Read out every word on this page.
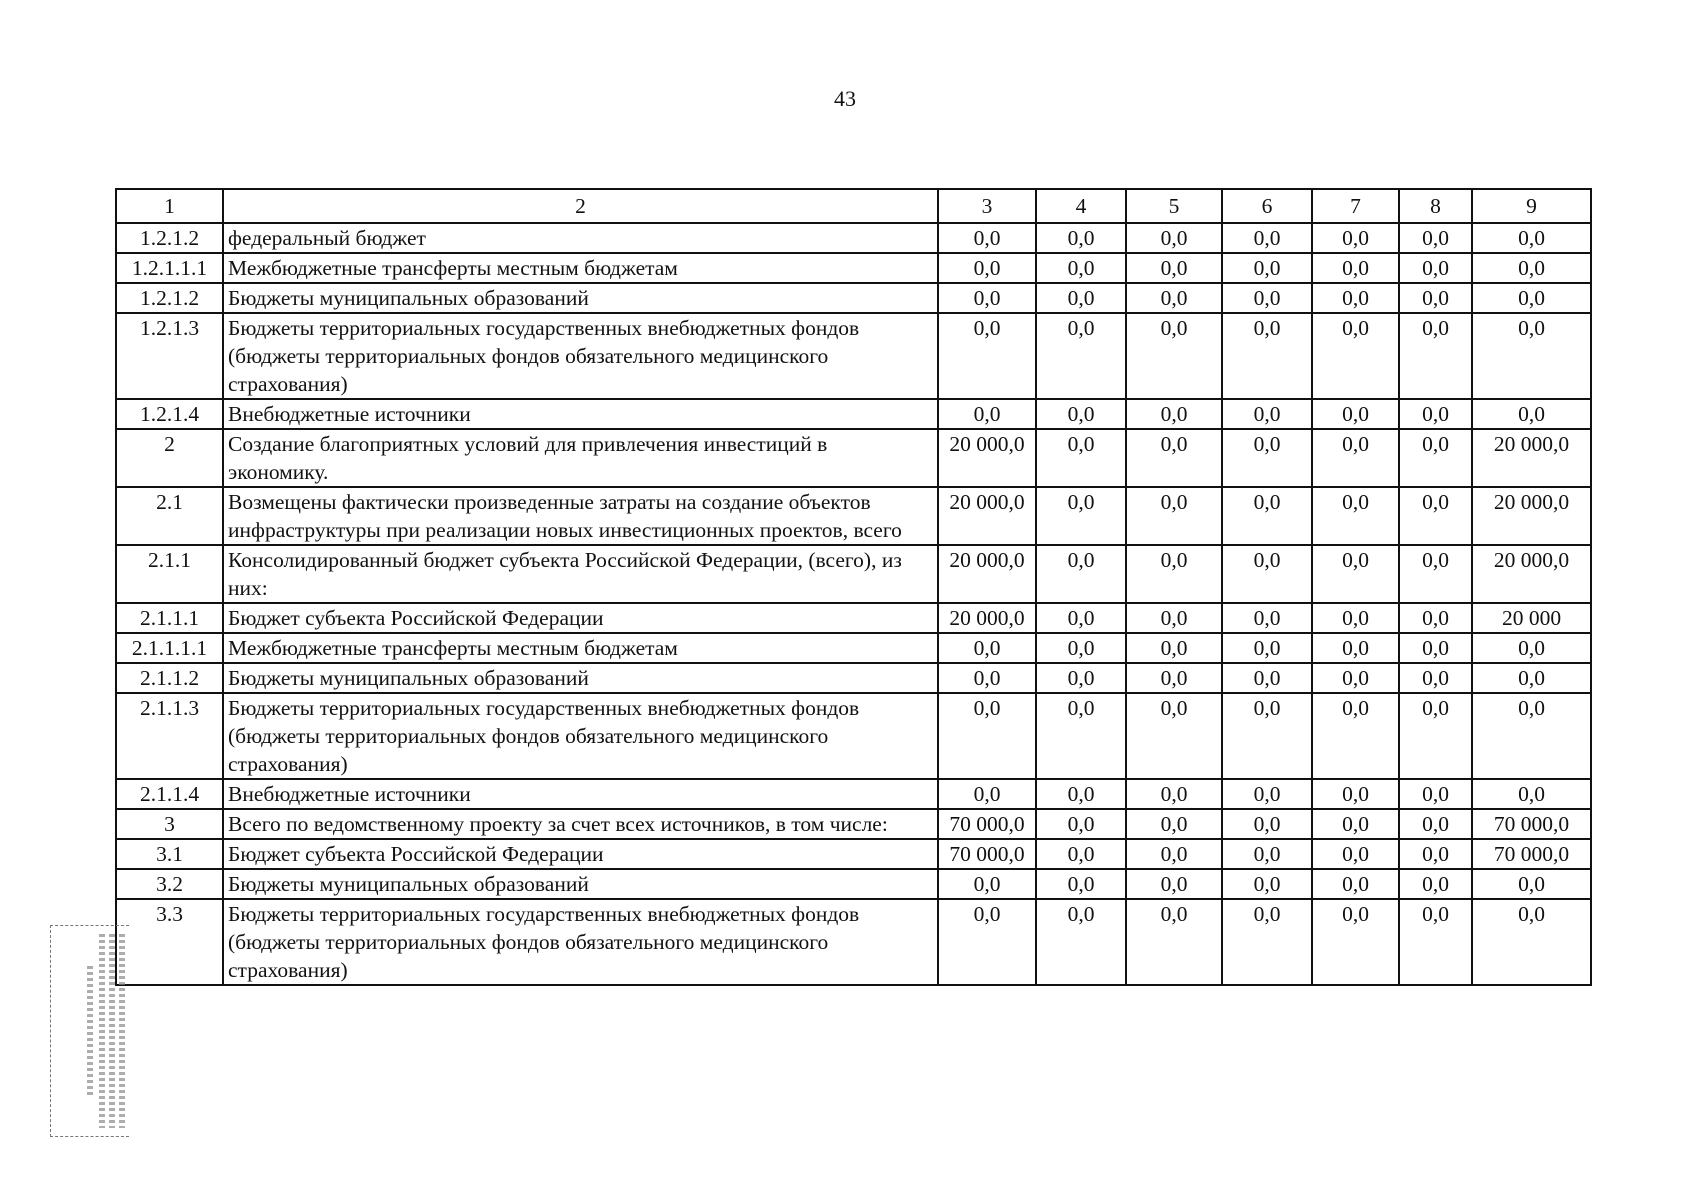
43
1	2	3	4	5	6	7	8	9
1.2.1.2	федеральный бюджет	0,0	0,0	0,0	0,0	0,0	0,0	0,0
1.2.1.1.1	Межбюджетные трансферты местным бюджетам	0,0	0,0	0,0	0,0	0,0	0,0	0,0
1.2.1.2	Бюджеты муниципальных образований	0,0	0,0	0,0	0,0	0,0	0,0	0,0
1.2.1.3	Бюджеты территориальных государственных внебюджетных фондов (бюджеты территориальных фондов обязательного медицинского страхования)	0,0	0,0	0,0	0,0	0,0	0,0	0,0
1.2.1.4	Внебюджетные источники	0,0	0,0	0,0	0,0	0,0	0,0	0,0
2	Создание благоприятных условий для привлечения инвестиций в экономику.	20 000,0	0,0	0,0	0,0	0,0	0,0	20 000,0
2.1	Возмещены фактически произведенные затраты на создание объектов инфраструктуры при реализации новых инвестиционных проектов, всего	20 000,0	0,0	0,0	0,0	0,0	0,0	20 000,0
2.1.1	Консолидированный бюджет субъекта Российской Федерации, (всего), из них:	20 000,0	0,0	0,0	0,0	0,0	0,0	20 000,0
2.1.1.1	Бюджет субъекта Российской Федерации	20 000,0	0,0	0,0	0,0	0,0	0,0	20 000
2.1.1.1.1	Межбюджетные трансферты местным бюджетам	0,0	0,0	0,0	0,0	0,0	0,0	0,0
2.1.1.2	Бюджеты муниципальных образований	0,0	0,0	0,0	0,0	0,0	0,0	0,0
2.1.1.3	Бюджеты территориальных государственных внебюджетных фондов (бюджеты территориальных фондов обязательного медицинского страхования)	0,0	0,0	0,0	0,0	0,0	0,0	0,0
2.1.1.4	Внебюджетные источники	0,0	0,0	0,0	0,0	0,0	0,0	0,0
3	Всего по ведомственному проекту за счет всех источников, в том числе:	70 000,0	0,0	0,0	0,0	0,0	0,0	70 000,0
3.1	Бюджет субъекта Российской Федерации	70 000,0	0,0	0,0	0,0	0,0	0,0	70 000,0
3.2	Бюджеты муниципальных образований	0,0	0,0	0,0	0,0	0,0	0,0	0,0
3.3	Бюджеты территориальных государственных внебюджетных фондов (бюджеты территориальных фондов обязательного медицинского страхования)	0,0	0,0	0,0	0,0	0,0	0,0	0,0
